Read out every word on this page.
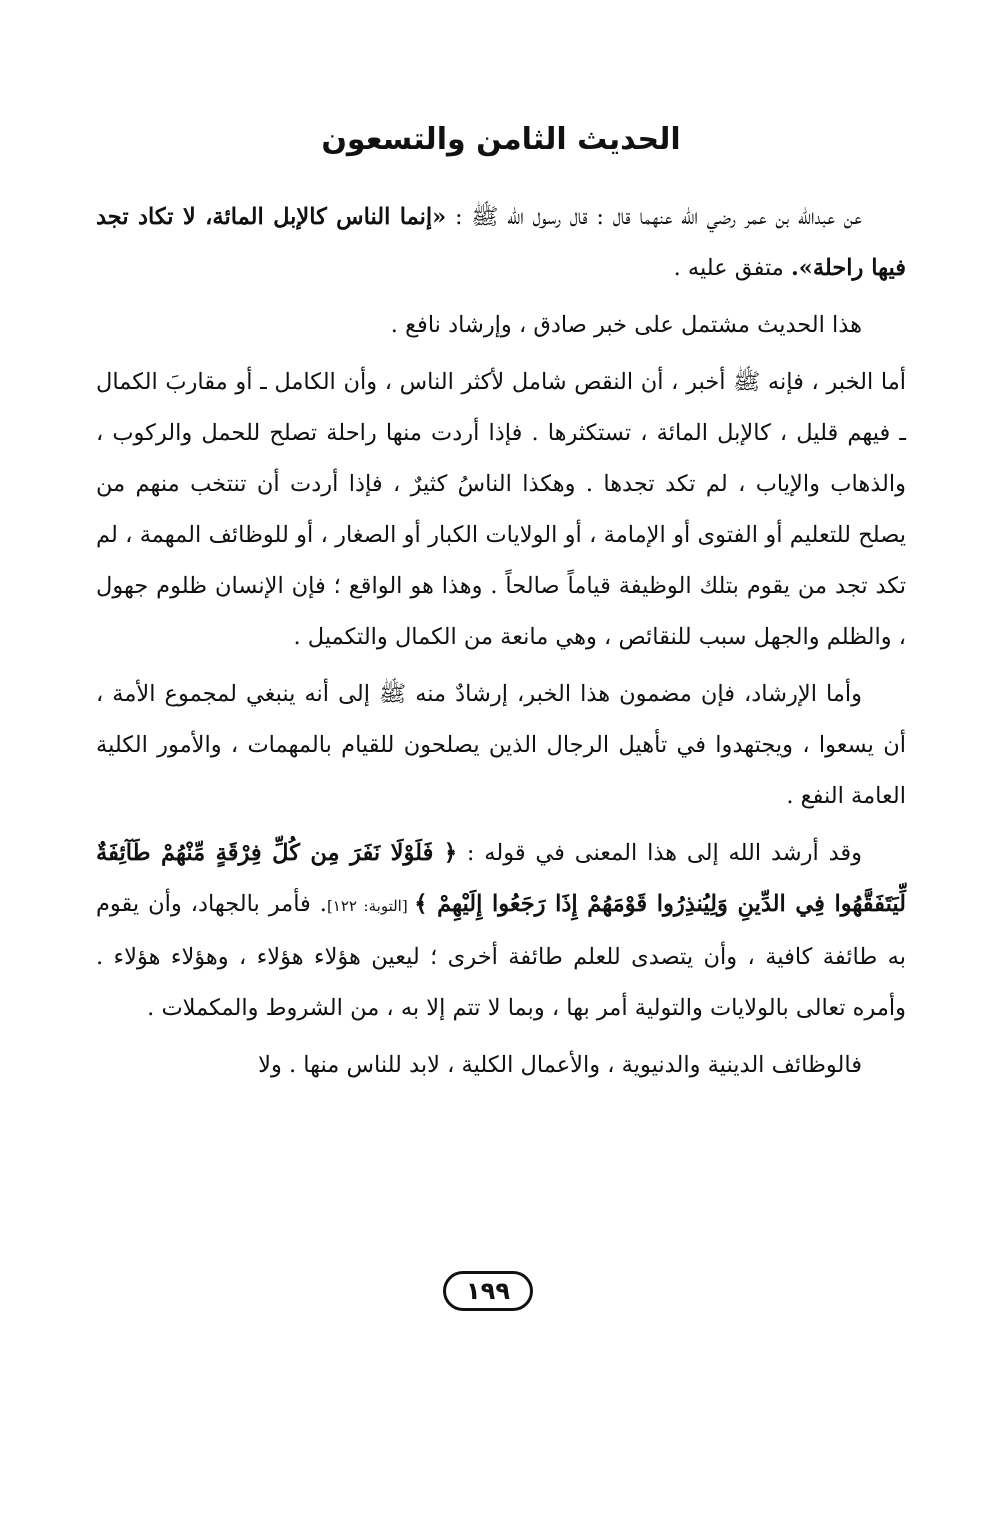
الحديث الثامن والتسعون

عن عبدالله بن عمر رضي الله عنهما قال : قال رسول الله ﷺ : «إنما الناس كالإبل المائة، لا تكاد تجد فيها راحلة». متفق عليه .

هذا الحديث مشتمل على خبر صادق ، وإرشاد نافع .

أما الخبر ، فإنه ﷺ أخبر ، أن النقص شامل لأكثر الناس ، وأن الكامل ـ أو مقاربَ الكمال ـ فيهم قليل ، كالإبل المائة ، تستكثرها . فإذا أردت منها راحلة تصلح للحمل والركوب ، والذهاب والإياب ، لم تكد تجدها . وهكذا الناسُ كثيرٌ ، فإذا أردت أن تنتخب منهم من يصلح للتعليم أو الفتوى أو الإمامة ، أو الولايات الكبار أو الصغار ، أو للوظائف المهمة ، لم تكد تجد من يقوم بتلك الوظيفة قياماً صالحاً . وهذا هو الواقع ؛ فإن الإنسان ظلوم جهول ، والظلم والجهل سبب للنقائص ، وهي مانعة من الكمال والتكميل .

وأما الإرشاد، فإن مضمون هذا الخبر، إرشادٌ منه ﷺ إلى أنه ينبغي لمجموع الأمة ، أن يسعوا ، ويجتهدوا في تأهيل الرجال الذين يصلحون للقيام بالمهمات ، والأمور الكلية العامة النفع .

وقد أرشد الله إلى هذا المعنى في قوله : ﴿ فَلَوْلَا نَفَرَ مِن كُلِّ فِرْقَةٍ مِّنْهُمْ طَآئِفَةٌ لِّيَتَفَقَّهُوا فِي الدِّينِ وَلِيُنذِرُوا قَوْمَهُمْ إِذَا رَجَعُوا إِلَيْهِمْ ﴾ [التوبة: ١٢٢]. فأمر بالجهاد، وأن يقوم به طائفة كافية ، وأن يتصدى للعلم طائفة أخرى ؛ ليعين هؤلاء هؤلاء ، وهؤلاء هؤلاء . وأمره تعالى بالولايات والتولية أمر بها ، وبما لا تتم إلا به ، من الشروط والمكملات .

فالوظائف الدينية والدنيوية ، والأعمال الكلية ، لابد للناس منها . ولا

١٩٩
